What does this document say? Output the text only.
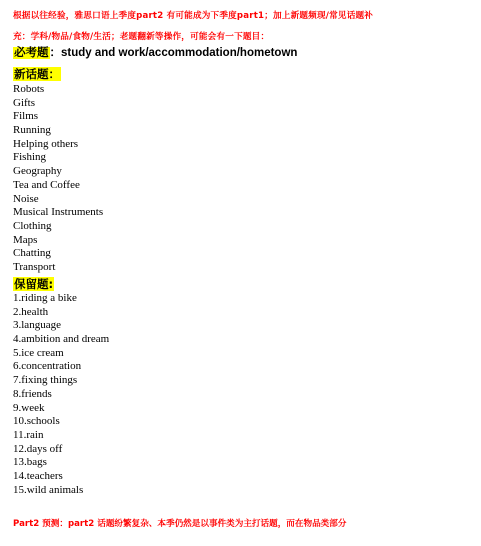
根据以往经验，雅思口语上季度part2 有可能成为下季度part1；加上新题频现/常见话题补
充：学科/物品/食物/生活；老题翻新等操作，可能会有一下题目：
必考题：study and work/accommodation/hometown
新话题：
Robots
Gifts
Films
Running
Helping others
Fishing
Geography
Tea and Coffee
Noise
Musical Instruments
Clothing
Maps
Chatting
Transport
保留题:
1.riding a bike
2.health
3.language
4.ambition and dream
5.ice cream
6.concentration
7.fixing things
8.friends
9.week
10.schools
11.rain
12.days off
13.bags
14.teachers
15.wild animals
Part2 预测：part2 话题纷繁复杂、本季仍然是以事件类为主打话题，而在物品类部分
